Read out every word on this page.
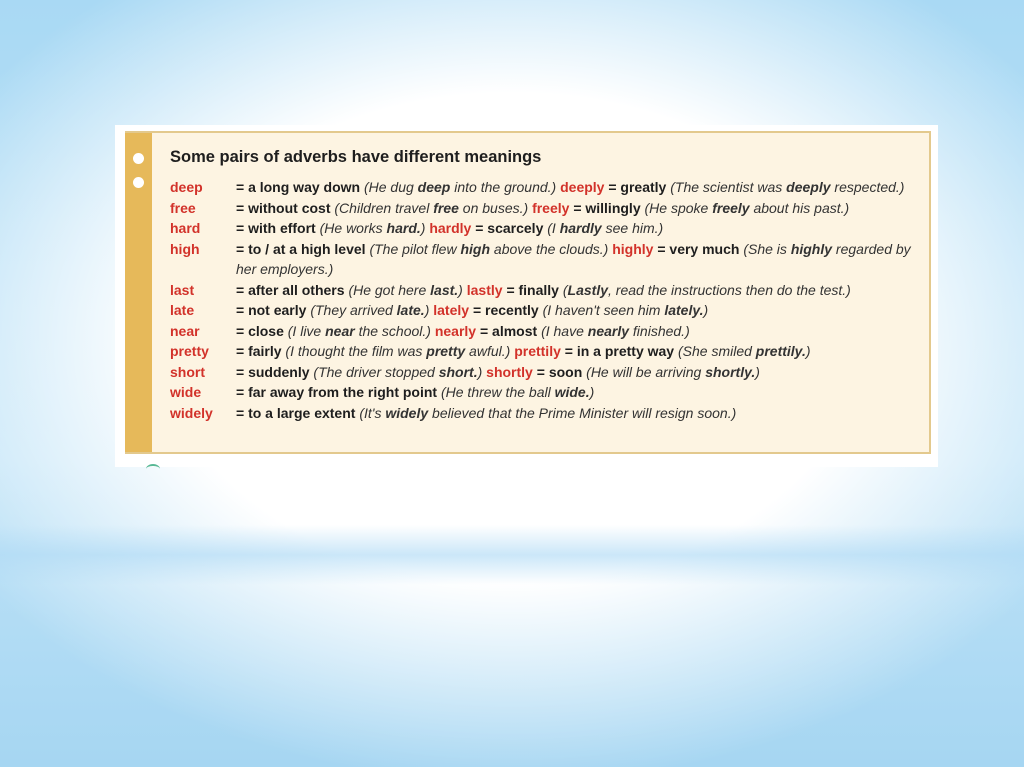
Some pairs of adverbs have different meanings
deep = a long way down (He dug deep into the ground.) deeply = greatly (The scientist was deeply respected.)
free	= without cost (Children travel free on buses.) freely = willingly (He spoke freely about his past.)
hard	= with effort (He works hard.) hardly = scarcely (I hardly see him.)
high	= to / at a high level (The pilot flew high above the clouds.) highly = very much (She is highly regarded by her employers.)
last	= after all others (He got here last.) lastly = finally (Lastly, read the instructions then do the test.)
late	= not early (They arrived late.) lately = recently (I haven't seen him lately.)
near	= close (I live near the school.) nearly = almost (I have nearly finished.)
pretty = fairly (I thought the film was pretty awful.) prettily = in a pretty way (She smiled prettily.)
short = suddenly (The driver stopped short.) shortly = soon (He will be arriving shortly.)
wide = far away from the right point (He threw the ball wide.)
widely = to a large extent (It's widely believed that the Prime Minister will resign soon.)
